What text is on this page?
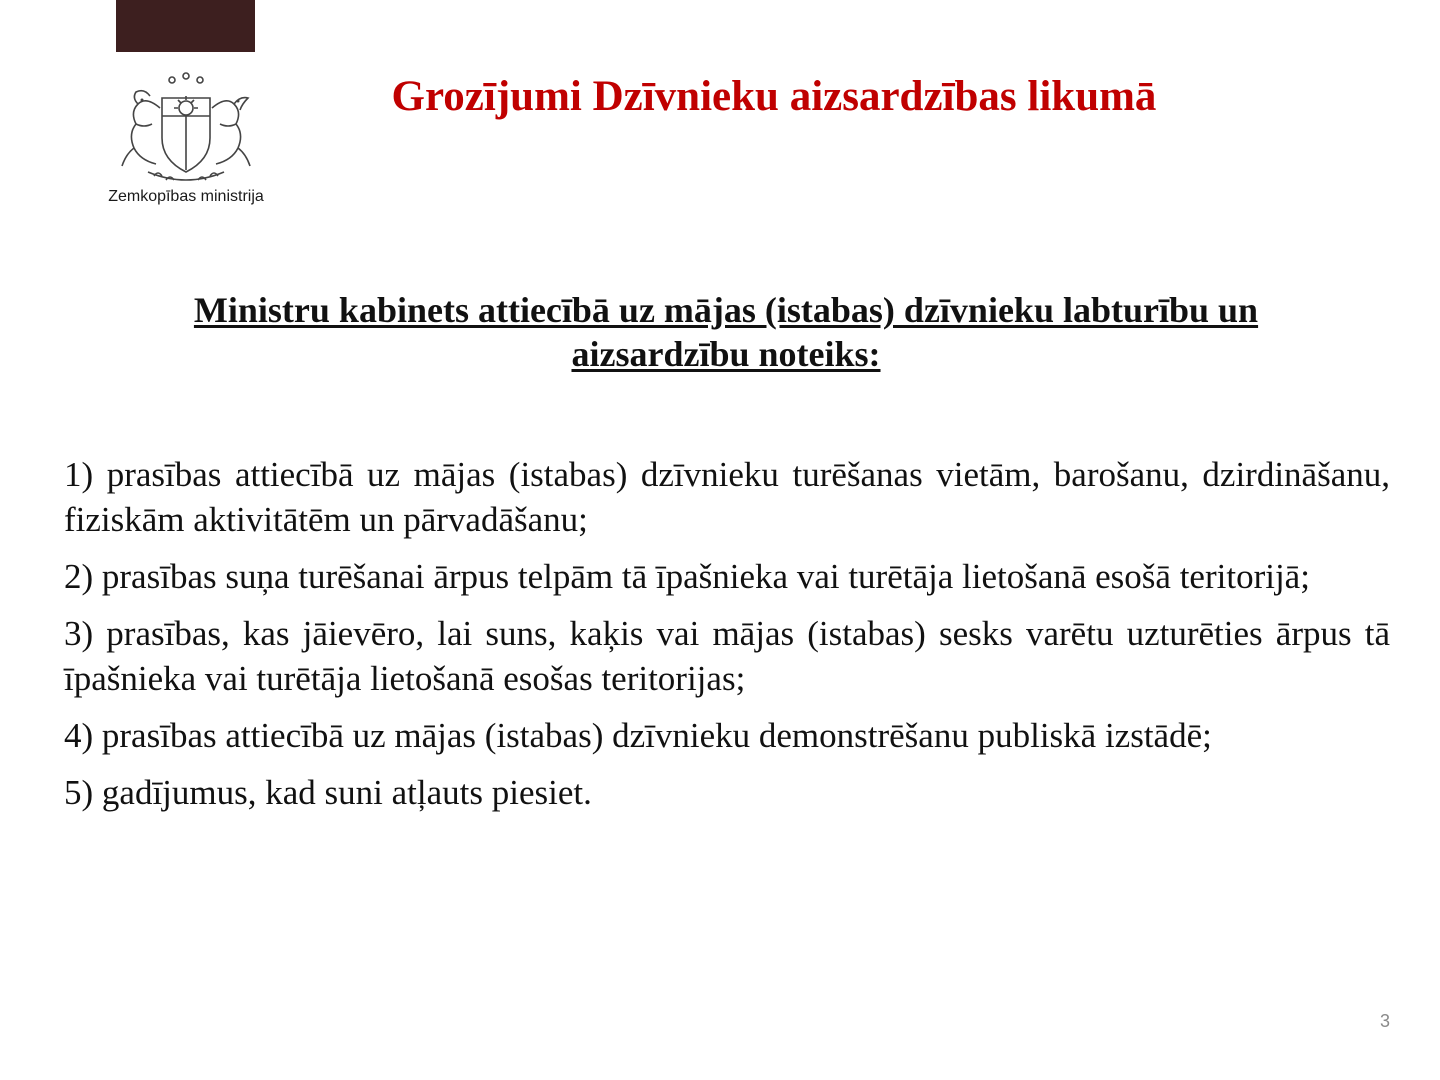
Zemkopības ministrija
Grozījumi Dzīvnieku aizsardzības likumā
Ministru kabinets attiecībā uz mājas (istabas) dzīvnieku labturību un aizsardzību noteiks:
1) prasības attiecībā uz mājas (istabas) dzīvnieku turēšanas vietām, barošanu, dzirdināšanu, fiziskām aktivitātēm un pārvadāšanu;
2) prasības suņa turēšanai ārpus telpām tā īpašnieka vai turētāja lietošanā esošā teritorijā;
3) prasības, kas jāievēro, lai suns, kaķis vai mājas (istabas) sesks varētu uzturēties ārpus tā īpašnieka vai turētāja lietošanā esošas teritorijas;
4) prasības attiecībā uz mājas (istabas) dzīvnieku demonstrēšanu publiskā izstādē;
5) gadījumus, kad suni atļauts piesiet.
3
